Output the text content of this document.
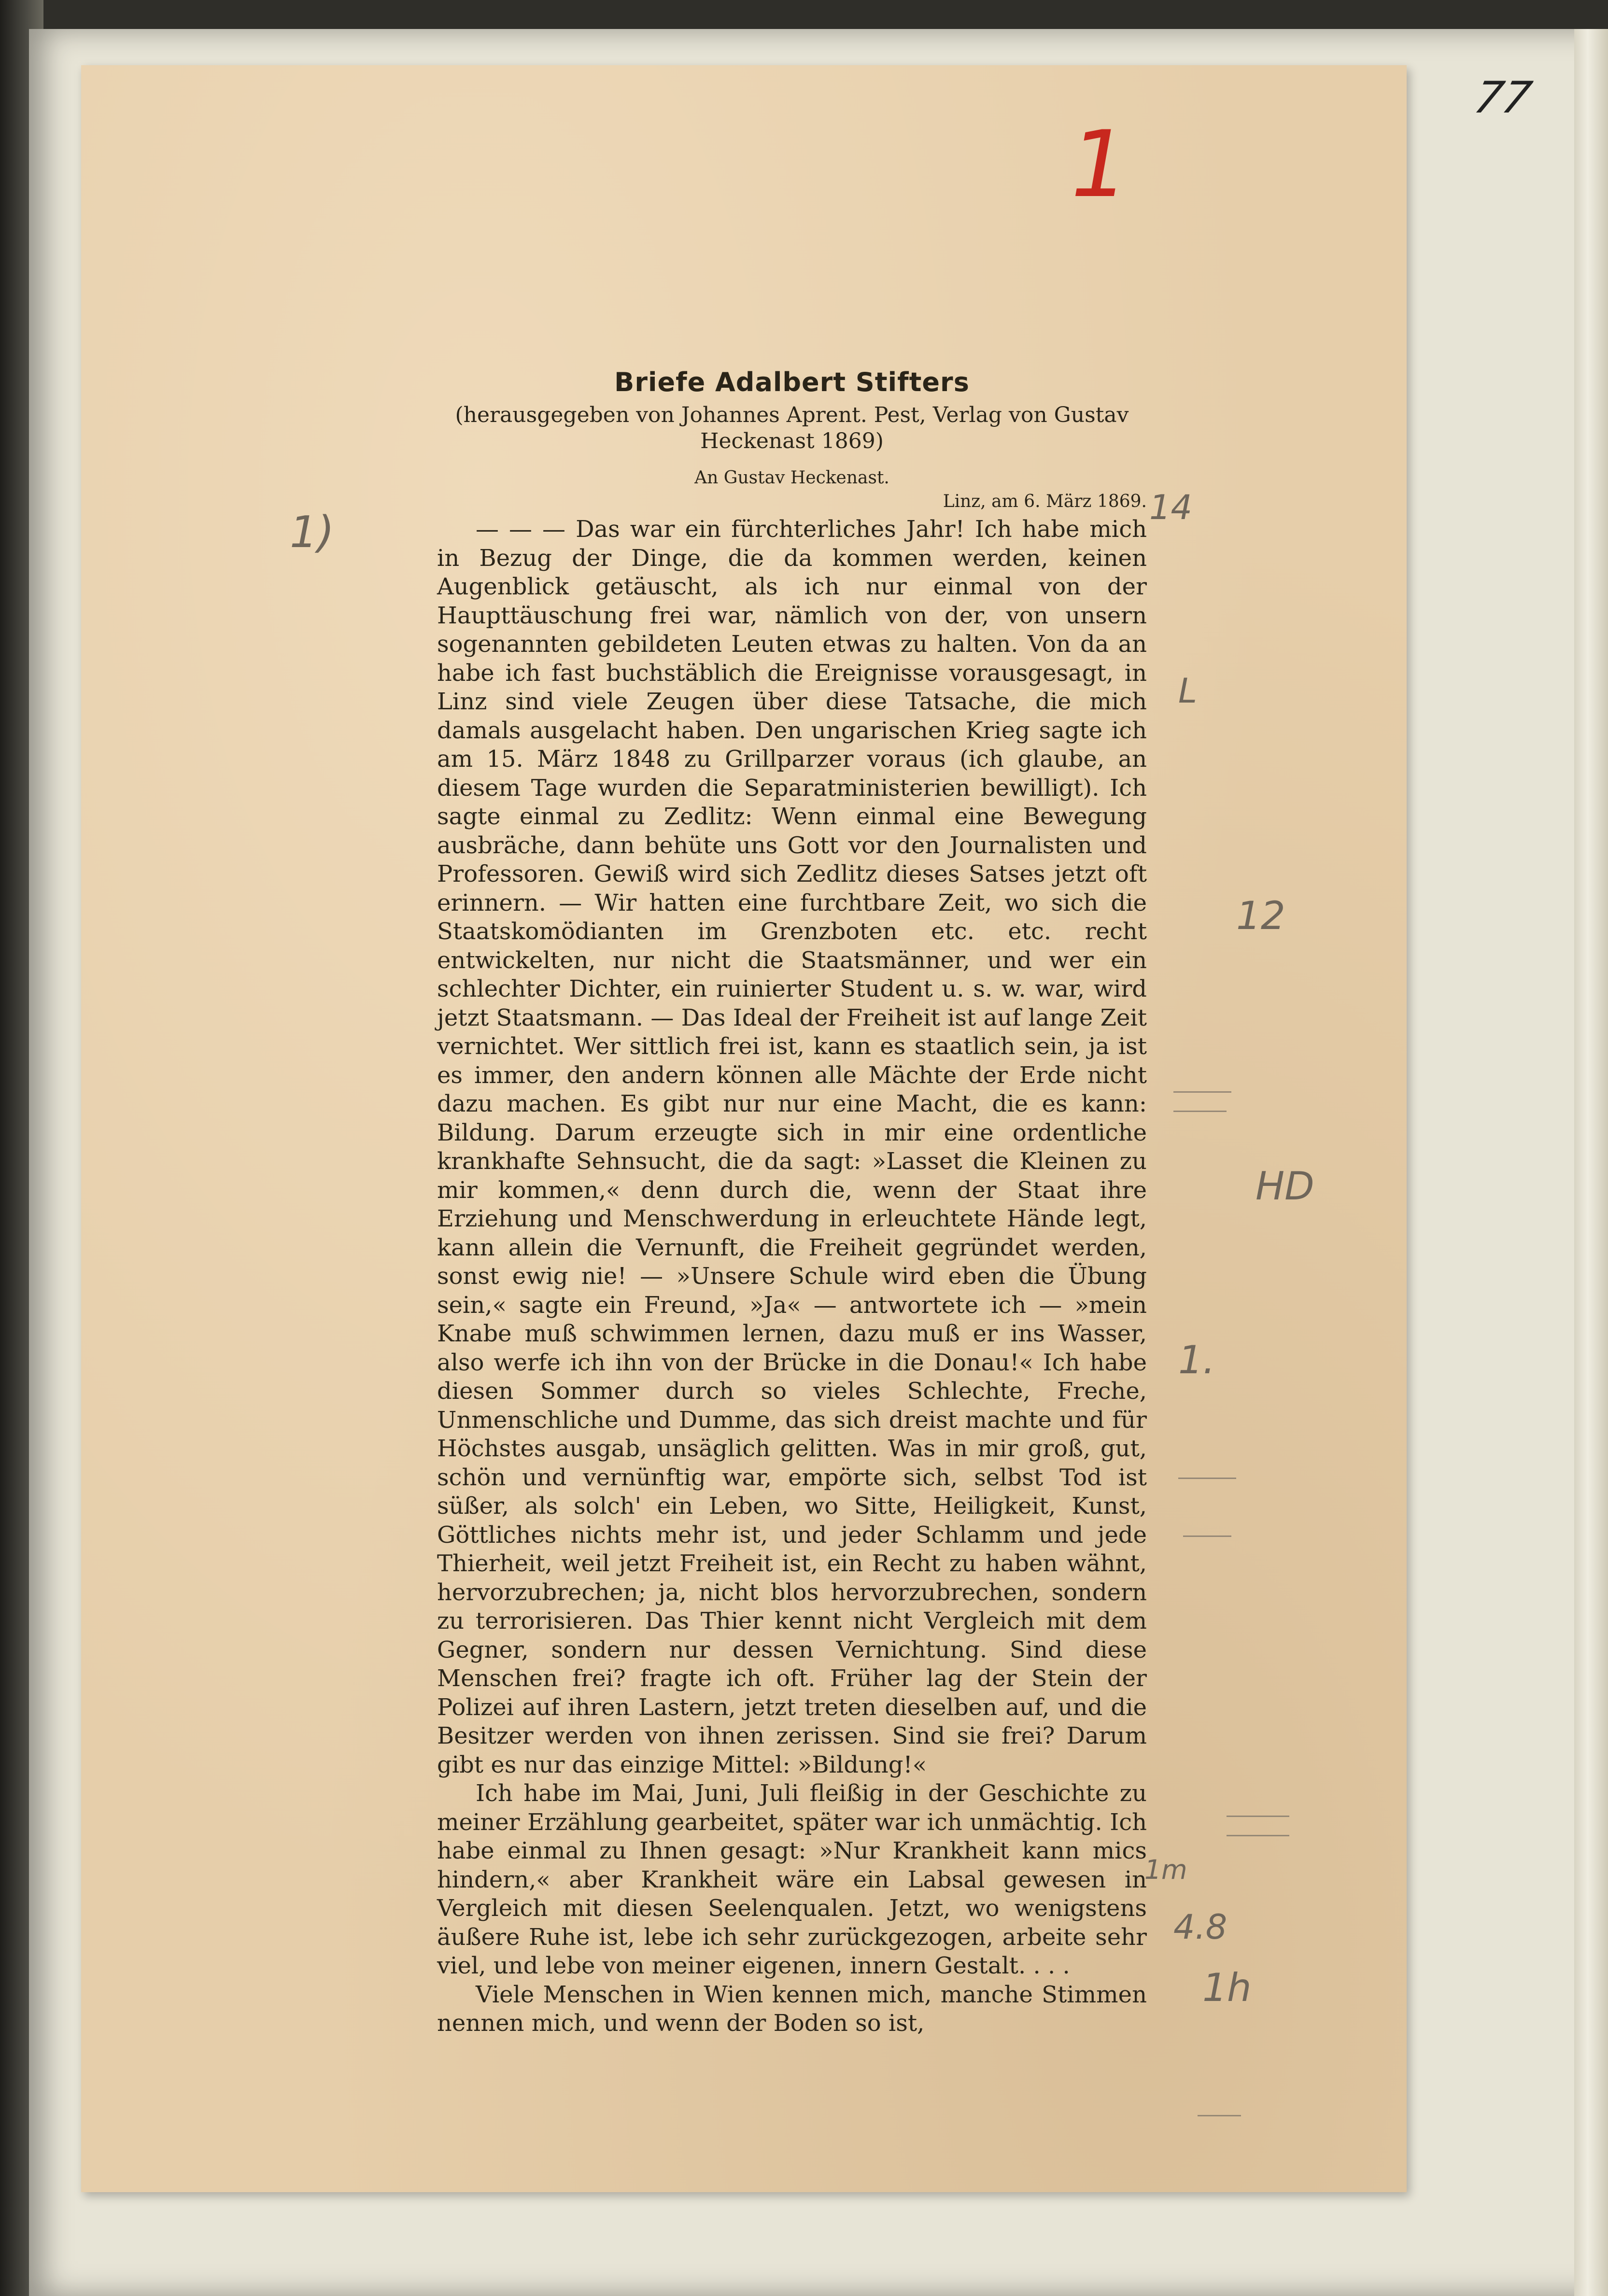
77
1
Briefe Adalbert Stifters
(herausgegeben von Johannes Aprent. Pest, Verlag von Gustav Heckenast 1869)
An Gustav Heckenast.
Linz, am 6. März 1869.

— — — Das war ein fürchterliches Jahr! Ich habe mich in Bezug der Dinge, die da kommen werden, keinen Augenblick getäuscht, als ich nur einmal von der Haupttäuschung frei war, nämlich von der, von unsern sogenannten gebildeten Leuten etwas zu halten. Von da an habe ich fast buchstäblich die Ereignisse vorausgesagt, in Linz sind viele Zeugen über diese Tatsache, die mich damals ausgelacht haben. Den ungarischen Krieg sagte ich am 15. März 1848 zu Grillparzer voraus (ich glaube, an diesem Tage wurden die Separatministerien bewilligt). Ich sagte einmal zu Zedlitz: Wenn einmal eine Bewegung ausbräche, dann behüte uns Gott vor den Journalisten und Professoren. Gewiß wird sich Zedlitz dieses Satses jetzt oft erinnern. — Wir hatten eine furchtbare Zeit, wo sich die Staatskomödianten im Grenzboten etc. etc. recht entwickelten, nur nicht die Staatsmänner, und wer ein schlechter Dichter, ein ruinierter Student u. s. w. war, wird jetzt Staatsmann. — Das Ideal der Freiheit ist auf lange Zeit vernichtet. Wer sittlich frei ist, kann es staatlich sein, ja ist es immer, den andern können alle Mächte der Erde nicht dazu machen. Es gibt nur nur eine Macht, die es kann: Bildung. Darum erzeugte sich in mir eine ordentliche krankhafte Sehnsucht, die da sagt: »Lasset die Kleinen zu mir kommen,« denn durch die, wenn der Staat ihre Erziehung und Menschwerdung in erleuchtete Hände legt, kann allein die Vernunft, die Freiheit gegründet werden, sonst ewig nie! — »Unsere Schule wird eben die Übung sein,« sagte ein Freund, »Ja« — antwortete ich — »mein Knabe muß schwimmen lernen, dazu muß er ins Wasser, also werfe ich ihn von der Brücke in die Donau!« Ich habe diesen Sommer durch so vieles Schlechte, Freche, Unmenschliche und Dumme, das sich dreist machte und für Höchstes ausgab, unsäglich gelitten. Was in mir groß, gut, schön und vernünftig war, empörte sich, selbst Tod ist süßer, als solch' ein Leben, wo Sitte, Heiligkeit, Kunst, Göttliches nichts mehr ist, und jeder Schlamm und jede Thierheit, weil jetzt Freiheit ist, ein Recht zu haben wähnt, hervorzubrechen; ja, nicht blos hervorzubrechen, sondern zu terrorisieren. Das Thier kennt nicht Vergleich mit dem Gegner, sondern nur dessen Vernichtung. Sind diese Menschen frei? fragte ich oft. Früher lag der Stein der Polizei auf ihren Lastern, jetzt treten dieselben auf, und die Besitzer werden von ihnen zerissen. Sind sie frei? Darum gibt es nur das einzige Mittel: »Bildung!«

Ich habe im Mai, Juni, Juli fleißig in der Geschichte zu meiner Erzählung gearbeitet, später war ich unmächtig. Ich habe einmal zu Ihnen gesagt: »Nur Krankheit kann mics hindern,« aber Krankheit wäre ein Labsal gewesen in Vergleich mit diesen Seelenqualen. Jetzt, wo wenigstens äußere Ruhe ist, lebe ich sehr zurückgezogen, arbeite sehr viel, und lebe von meiner eigenen, innern Gestalt. . . .

Viele Menschen in Wien kennen mich, manche Stimmen nennen mich, und wenn der Boden so ist,

1)	14
L
12
HD
1.
1m
4.8
1h
